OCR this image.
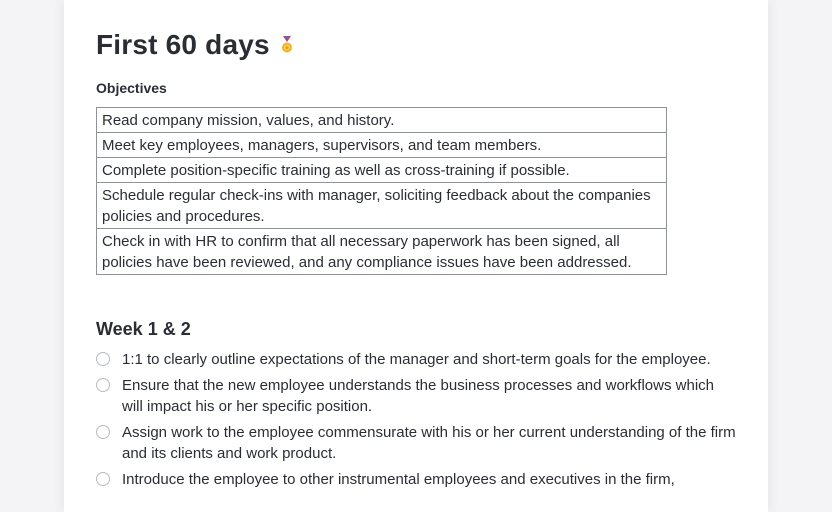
First 60 days
Objectives
Read company mission, values, and history.
Meet key employees, managers, supervisors, and team members.
Complete position-specific training as well as cross-training if possible.
Schedule regular check-ins with manager, soliciting feedback about the companies policies and procedures.
Check in with HR to confirm that all necessary paperwork has been signed, all policies have been reviewed, and any compliance issues have been addressed.
Week 1 & 2
1:1 to clearly outline expectations of the manager and short-term goals for the employee.
Ensure that the new employee understands the business processes and workflows which will impact his or her specific position.
Assign work to the employee commensurate with his or her current understanding of the firm and its clients and work product.
Introduce the employee to other instrumental employees and executives in the firm,
